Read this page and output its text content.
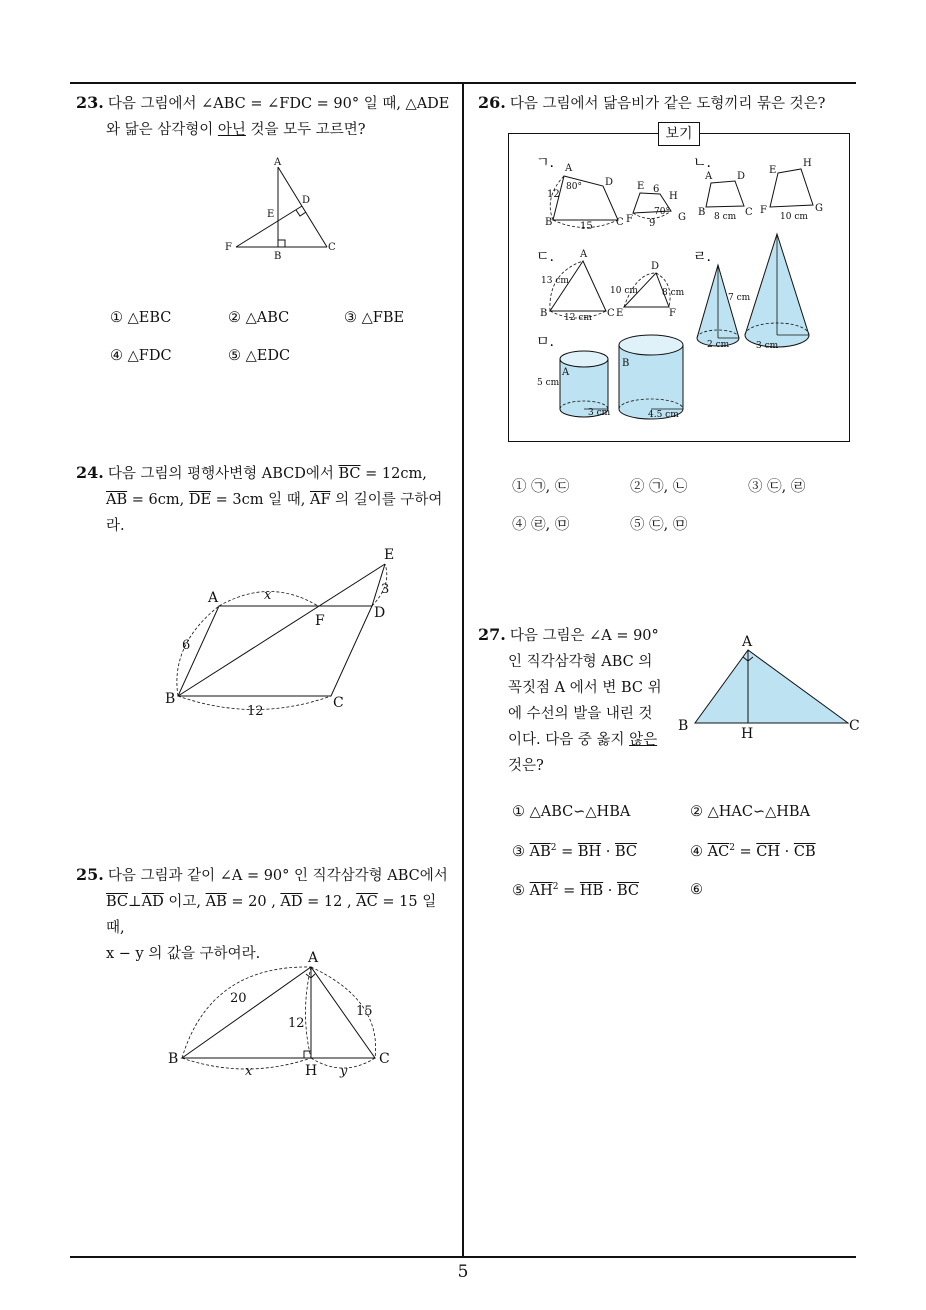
5
23. 다음 그림에서 ∠ABC = ∠FDC = 90° 일 때, △ADE
와 닮은 삼각형이 아닌 것을 모두 고르면?
A
D
E
F
B
C
① △EBC	② △ABC	③ △FBE
④ △FDC	⑤ △EDC
24. 다음 그림의 평행사변형 ABCD에서 $\overline{BC} = 12cm$,
$\overline{AB} = 6cm$, $\overline{DE} = 3cm$ 일 때, $\overline{AF}$ 의 길이를 구하여
라.
A
B	C
D
E
F
x
6
12
3
25. 다음 그림과 같이 ∠A = 90° 인 직각삼각형 ABC에서
$\overline{BC}\perp\overline{AD}$ 이고, $\overline{AB} = 20$ , $\overline{AD} = 12$ , $\overline{AC} = 15$ 일 때,
x − y 의 값을 구하여라.	A
B	C
H
20
12
15
x	y
26. 다음 그림에서 닮음비가 같은 도형끼리 묶은 것은?
보기
ㄱ. A
D
B	C
12
80°
15
E 6
H
F
70° G
9
ㄴ.
A D
B	C
8 cm
E
H
F	G
10 cm
ㄷ.	A
B	C
13 cm
12 cm
D
E	F
10 cm	8 cm
ㄹ.
7 cm
2 cm	3 cm
ㅁ.
A
B
5 cm
3 cm	4.5 cm
① ㉠, ㉢	② ㉠, ㉡	③ ㉢, ㉣
④ ㉣, ㉤	⑤ ㉢, ㉤
27. 다음 그림은 ∠A = 90°
인 직각삼각형 ABC 의
꼭짓점 A 에서 변 BC 위
에 수선의 발을 내린 것
이다. 다음 중 옳지 않은
것은?
A
B	C
H
① △ABC∽△HBA	② △HAC∽△HBA
③ $\overline{AB}^2 = \overline{BH} \cdot \overline{BC}$	④ $\overline{AC}^2 = \overline{CH} \cdot \overline{CB}$
⑤ $\overline{AH}^2 = \overline{HB} \cdot \overline{BC}$	⑥
